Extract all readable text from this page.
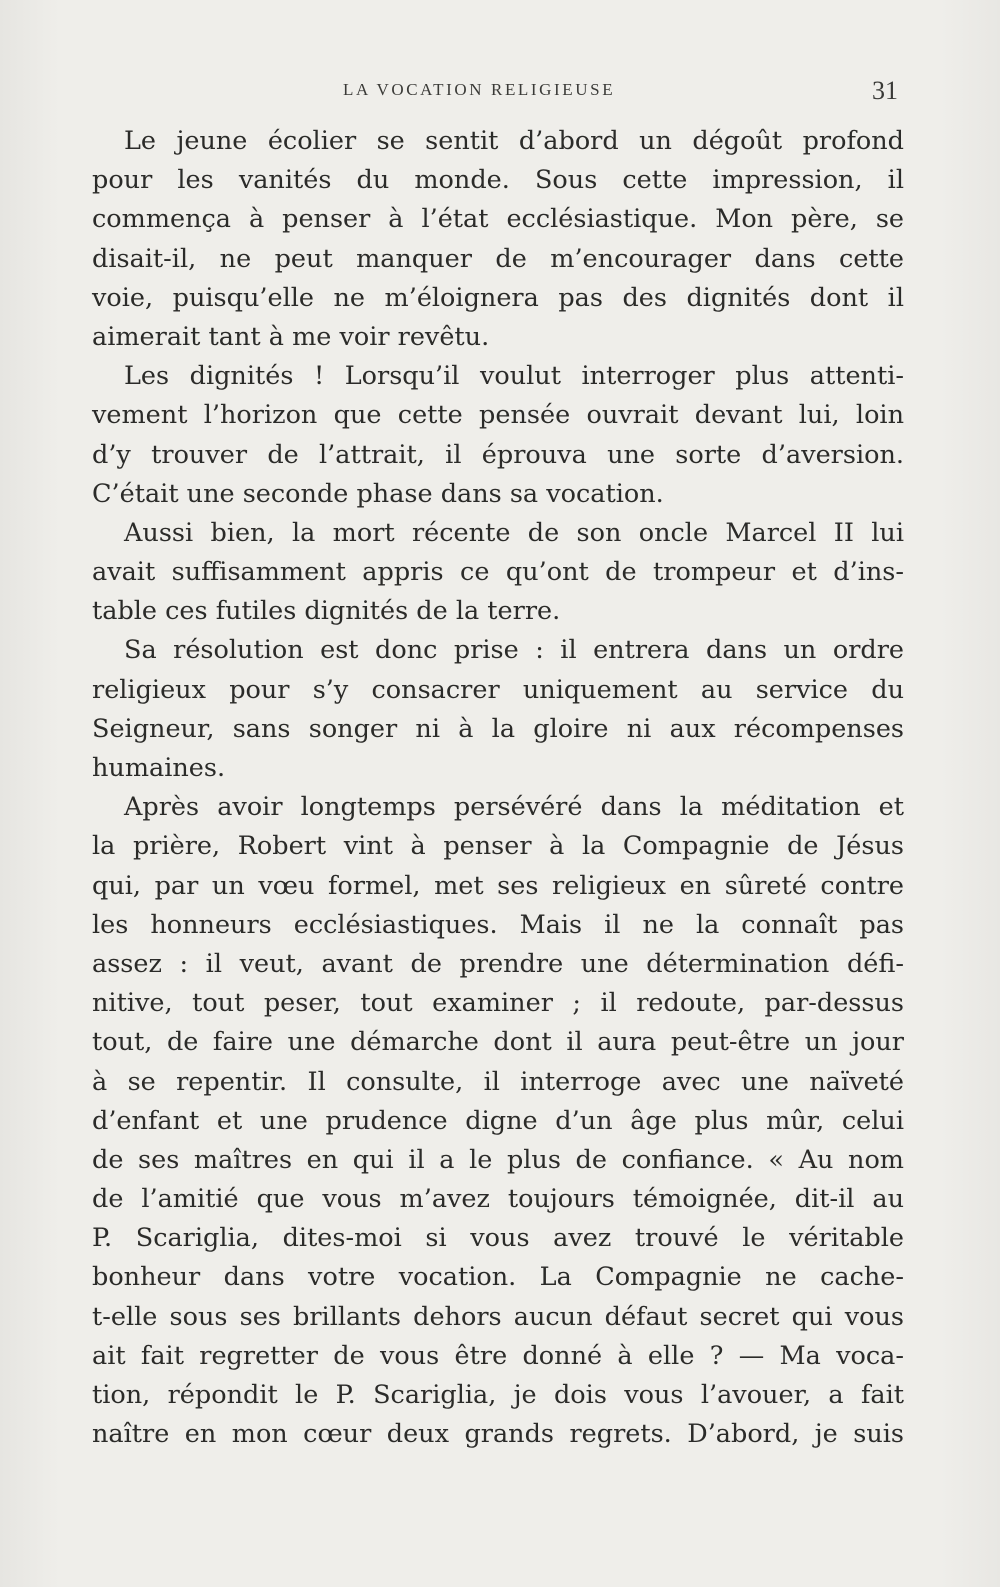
LA VOCATION RELIGIEUSE	31
Le jeune écolier se sentit d’abord un dégoût profond
pour les vanités du monde. Sous cette impression, il
commença à penser à l’état ecclésiastique. Mon père, se
disait-il, ne peut manquer de m’encourager dans cette
voie, puisqu’elle ne m’éloignera pas des dignités dont il
aimerait tant à me voir revêtu.
Les dignités ! Lorsqu’il voulut interroger plus attenti-
vement l’horizon que cette pensée ouvrait devant lui, loin
d’y trouver de l’attrait, il éprouva une sorte d’aversion.
C’était une seconde phase dans sa vocation.
Aussi bien, la mort récente de son oncle Marcel II lui
avait suffisamment appris ce qu’ont de trompeur et d’ins-
table ces futiles dignités de la terre.
Sa résolution est donc prise : il entrera dans un ordre
religieux pour s’y consacrer uniquement au service du
Seigneur, sans songer ni à la gloire ni aux récompenses
humaines.
Après avoir longtemps persévéré dans la méditation et
la prière, Robert vint à penser à la Compagnie de Jésus
qui, par un vœu formel, met ses religieux en sûreté contre
les honneurs ecclésiastiques. Mais il ne la connaît pas
assez : il veut, avant de prendre une détermination défi-
nitive, tout peser, tout examiner ; il redoute, par-dessus
tout, de faire une démarche dont il aura peut-être un jour
à se repentir. Il consulte, il interroge avec une naïveté
d’enfant et une prudence digne d’un âge plus mûr, celui
de ses maîtres en qui il a le plus de confiance. « Au nom
de l’amitié que vous m’avez toujours témoignée, dit-il au
P. Scariglia, dites-moi si vous avez trouvé le véritable
bonheur dans votre vocation. La Compagnie ne cache-
t-elle sous ses brillants dehors aucun défaut secret qui vous
ait fait regretter de vous être donné à elle ? — Ma voca-
tion, répondit le P. Scariglia, je dois vous l’avouer, a fait
naître en mon cœur deux grands regrets. D’abord, je suis
